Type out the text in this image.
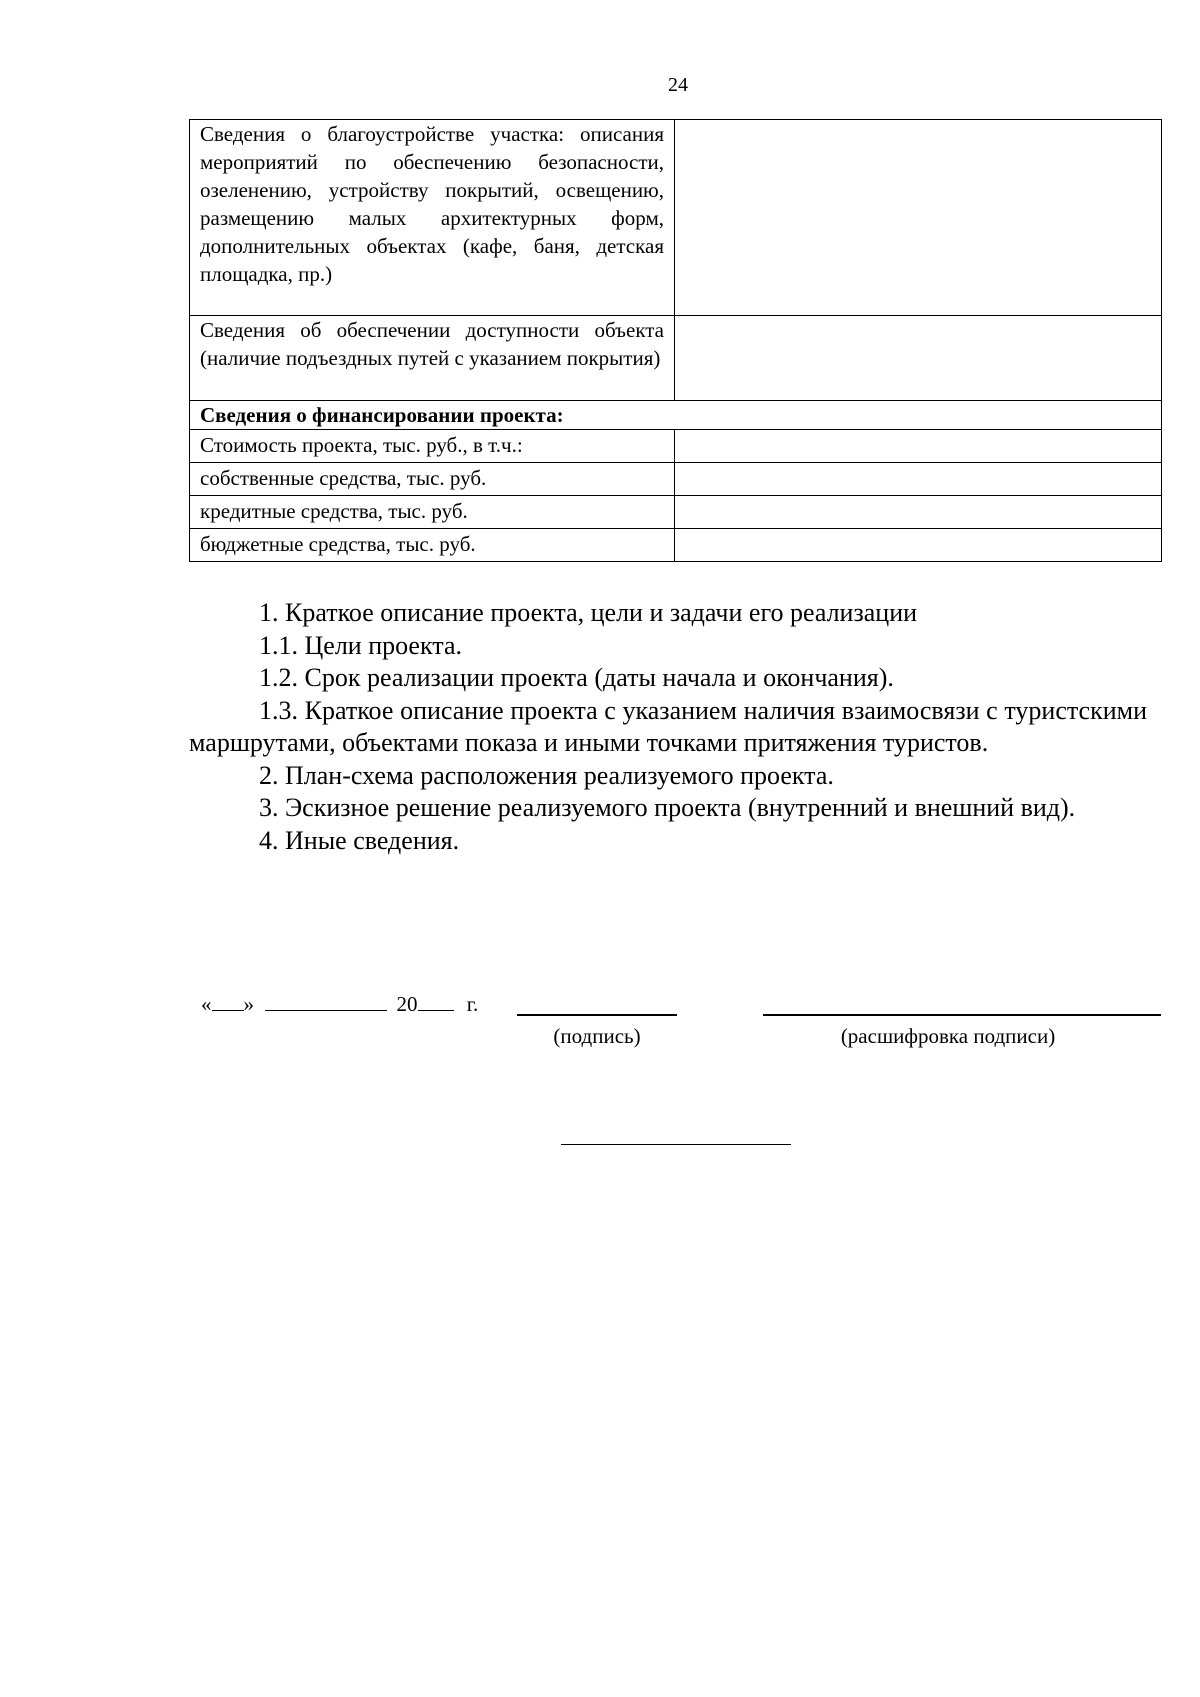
24
Сведения о благоустройстве участка: описания мероприятий по обеспечению безопасности, озеленению, устройству покрытий, освещению, размещению малых архитектурных форм, дополнительных объектах (кафе, баня, детская площадка, пр.)	
Сведения об обеспечении доступности объекта (наличие подъездных путей с указанием покрытия)	
Сведения о финансировании проекта:	
Стоимость проекта, тыс. руб., в т.ч.:	
собственные средства, тыс. руб.	
кредитные средства, тыс. руб.	
бюджетные средства, тыс. руб.	

1. Краткое описание проекта, цели и задачи его реализации

1.1. Цели проекта.

1.2. Срок реализации проекта (даты начала и окончания).

1.3. Краткое описание проекта с указанием наличия взаимосвязи с туристскими маршрутами, объектами показа и иными точками притяжения туристов.

2. План-схема расположения реализуемого проекта.

3. Эскизное решение реализуемого проекта (внутренний и внешний вид).

4. Иные сведения.

« »	20 г.
(подпись)	(расшифровка подписи)
